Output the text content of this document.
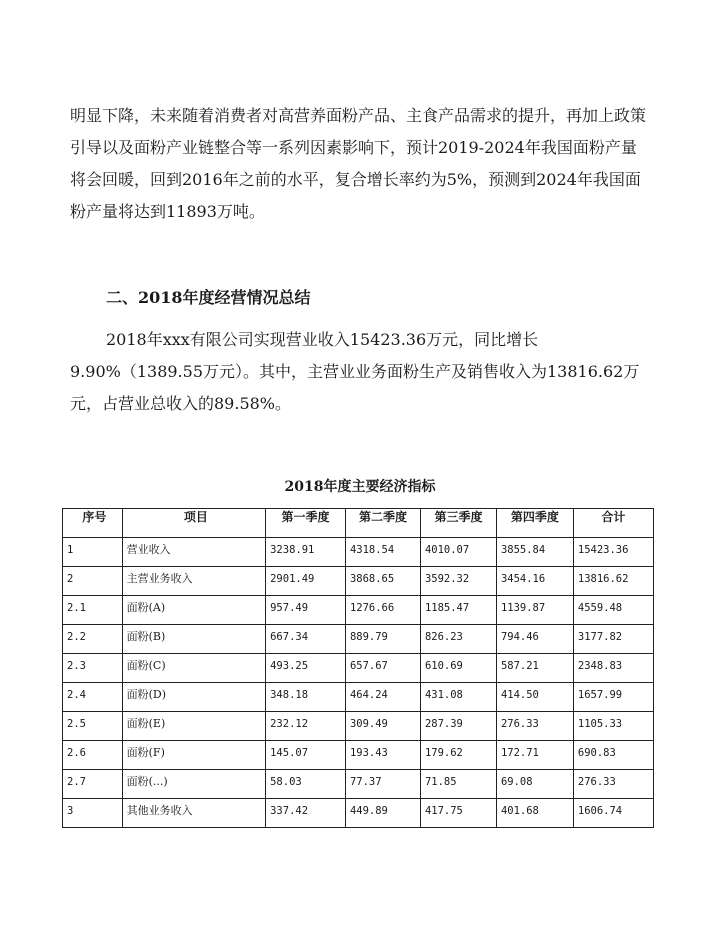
明显下降，未来随着消费者对高营养面粉产品、主食产品需求的提升，再加上政策引导以及面粉产业链整合等一系列因素影响下，预计2019-2024年我国面粉产量将会回暖，回到2016年之前的水平，复合增长率约为5%，预测到2024年我国面粉产量将达到11893万吨。

二、2018年度经营情况总结

2018年xxx有限公司实现营业收入15423.36万元，同比增长9.90%（1389.55万元）。其中，主营业业务面粉生产及销售收入为13816.62万元，占营业总收入的89.58%。

2018年度主要经济指标

序号	项目	第一季度	第二季度	第三季度	第四季度	合计
1	营业收入	3238.91	4318.54	4010.07	3855.84	15423.36
2	主营业务收入	2901.49	3868.65	3592.32	3454.16	13816.62
2.1	面粉(A)	957.49	1276.66	1185.47	1139.87	4559.48
2.2	面粉(B)	667.34	889.79	826.23	794.46	3177.82
2.3	面粉(C)	493.25	657.67	610.69	587.21	2348.83
2.4	面粉(D)	348.18	464.24	431.08	414.50	1657.99
2.5	面粉(E)	232.12	309.49	287.39	276.33	1105.33
2.6	面粉(F)	145.07	193.43	179.62	172.71	690.83
2.7	面粉(...)	58.03	77.37	71.85	69.08	276.33
3	其他业务收入	337.42	449.89	417.75	401.68	1606.74
